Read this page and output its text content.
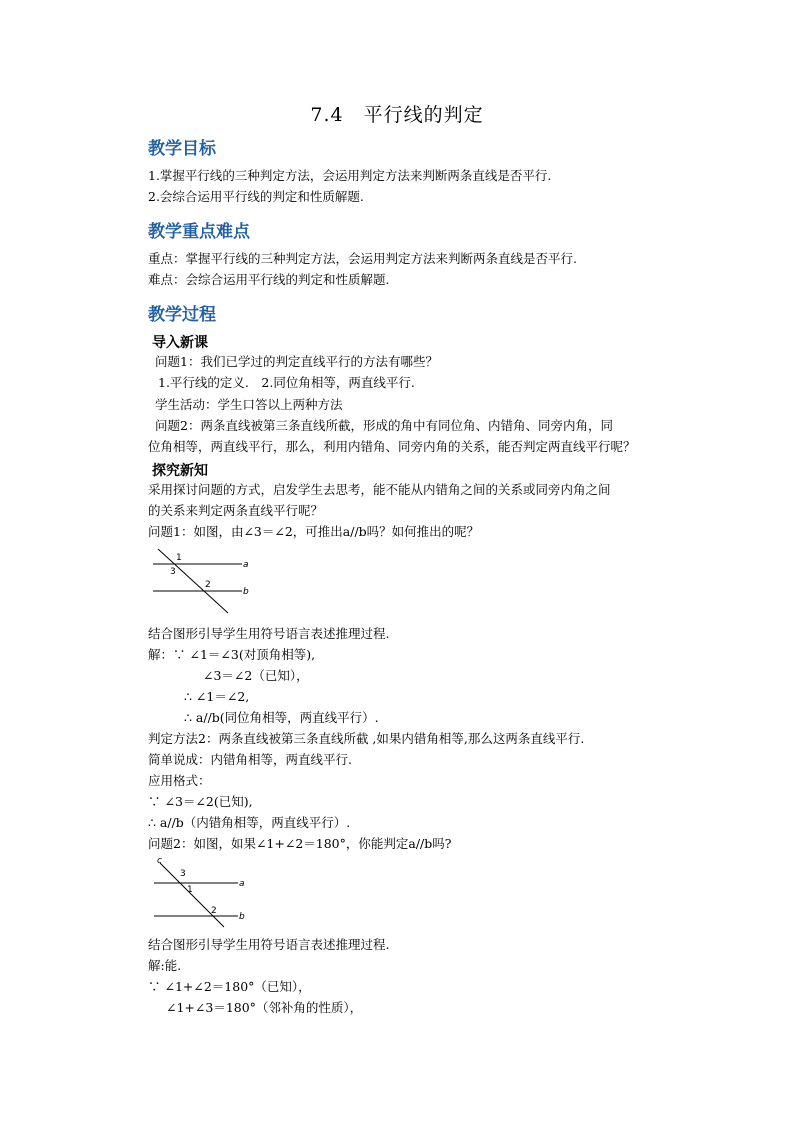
7.4　平行线的判定
教学目标
1.掌握平行线的三种判定方法，会运用判定方法来判断两条直线是否平行.
2.会综合运用平行线的判定和性质解题.
教学重点难点
重点：掌握平行线的三种判定方法，会运用判定方法来判断两条直线是否平行.
难点：会综合运用平行线的判定和性质解题.
教学过程
导入新课
问题1：我们已学过的判定直线平行的方法有哪些？
1.平行线的定义.　2.同位角相等，两直线平行.
学生活动：学生口答以上两种方法
问题2：两条直线被第三条直线所截，形成的角中有同位角、内错角、同旁内角，同
位角相等，两直线平行，那么，利用内错角、同旁内角的关系，能否判定两直线平行呢？
探究新知
采用探讨问题的方式，启发学生去思考，能不能从内错角之间的关系或同旁内角之间
的关系来判定两条直线平行呢？
问题1：如图，由∠3＝∠2，可推出a//b吗？如何推出的呢？
1
3
2
a
b
结合图形引导学生用符号语言表述推理过程.
解：∵ ∠1＝∠3(对顶角相等),
∠3＝∠2（已知），
∴ ∠1＝∠2,
∴ a//b(同位角相等，两直线平行）.
判定方法2：两条直线被第三条直线所截 ,如果内错角相等,那么这两条直线平行.
简单说成：内错角相等，两直线平行.
应用格式：
∵ ∠3＝∠2(已知),
∴ a//b（内错角相等，两直线平行）.
问题2：如图，如果∠1+∠2＝180°，你能判定a//b吗?
c
3
1
a
2
b
结合图形引导学生用符号语言表述推理过程.
解:能.
∵ ∠1+∠2＝180°（已知），
∠1+∠3＝180°（邻补角的性质），
